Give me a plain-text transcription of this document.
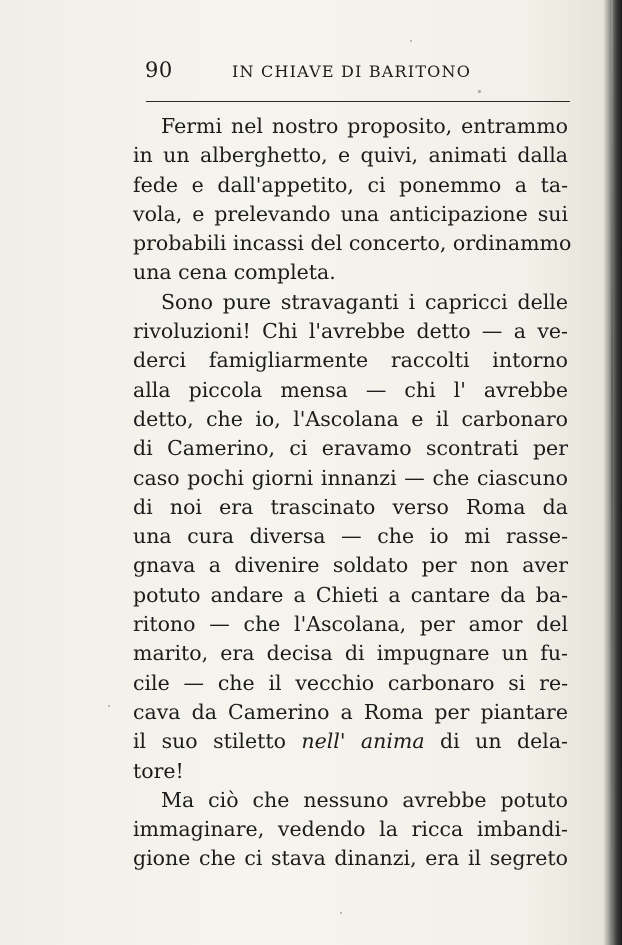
90	IN CHIAVE DI BARITONO
Fermi nel nostro proposito, entrammo
in un alberghetto, e quivi, animati dalla
fede e dall'appetito, ci ponemmo a ta-
vola, e prelevando una anticipazione sui
probabili incassi del concerto, ordinammo
una cena completa.
Sono pure stravaganti i capricci delle
rivoluzioni! Chi l'avrebbe detto — a ve-
derci famigliarmente raccolti intorno
alla piccola mensa — chi l' avrebbe
detto, che io, l'Ascolana e il carbonaro
di Camerino, ci eravamo scontrati per
caso pochi giorni innanzi — che ciascuno
di noi era trascinato verso Roma da
una cura diversa — che io mi rasse-
gnava a divenire soldato per non aver
potuto andare a Chieti a cantare da ba-
ritono — che l'Ascolana, per amor del
marito, era decisa di impugnare un fu-
cile — che il vecchio carbonaro si re-
cava da Camerino a Roma per piantare
il suo stiletto nell' anima di un dela-
tore!
Ma ciò che nessuno avrebbe potuto
immaginare, vedendo la ricca imbandi-
gione che ci stava dinanzi, era il segreto
